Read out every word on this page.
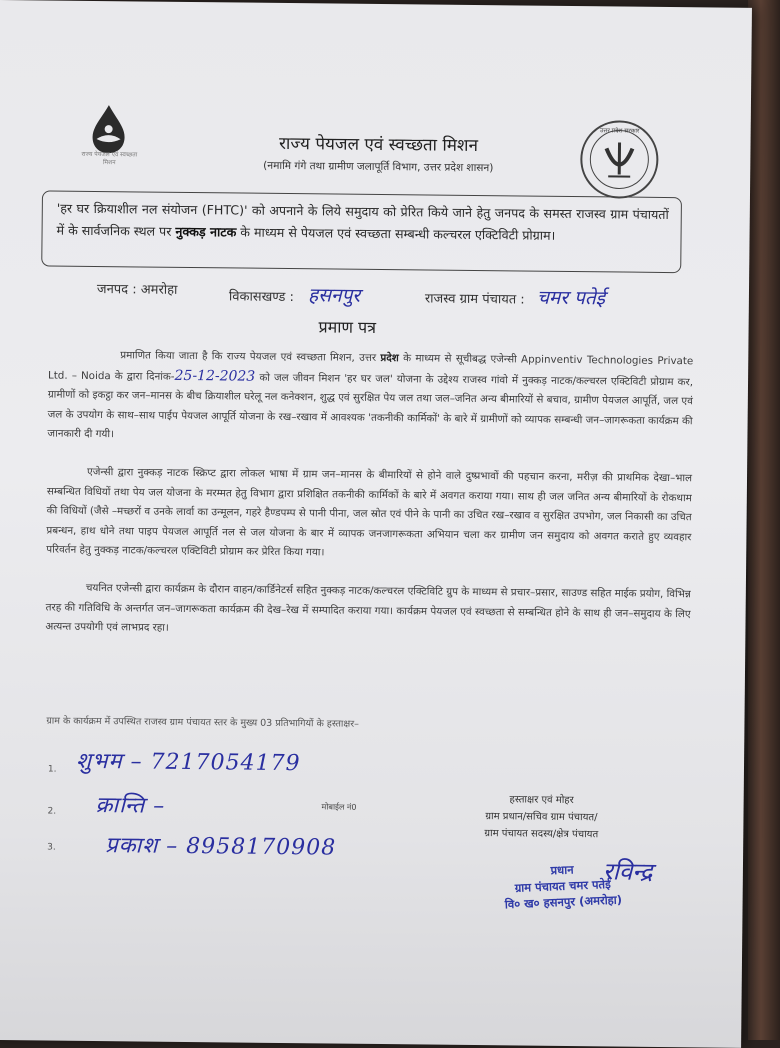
राज्य पेयजल एवं स्वच्छता मिशन
राज्य पेयजल एवं स्वच्छता मिशन
(नमामि गंगे तथा ग्रामीण जलापूर्ति विभाग, उत्तर प्रदेश शासन)
उत्तर प्रदेश सरकार
'हर घर क्रियाशील नल संयोजन (FHTC)' को अपनाने के लिये समुदाय को प्रेरित किये जाने हेतु जनपद के समस्त राजस्व ग्राम पंचायतों में के सार्वजनिक स्थल पर नुक्कड़ नाटक के माध्यम से पेयजल एवं स्वच्छता सम्बन्धी कल्चरल एक्टिविटी प्रोग्राम।
जनपद : अमरोहा	विकासखण्ड : हसनपुर	राजस्व ग्राम पंचायत : चमर पतेई
प्रमाण पत्र
प्रमाणित किया जाता है कि राज्य पेयजल एवं स्वच्छता मिशन, उत्तर प्रदेश के माध्यम से सूचीबद्ध एजेन्सी Appinventiv Technologies Private Ltd. – Noida के द्वारा दिनांक-25-12-2023 को जल जीवन मिशन 'हर घर जल' योजना के उद्देश्य राजस्व गांवो में नुक्कड़ नाटक/कल्चरल एक्टिविटी प्रोग्राम कर, ग्रामीणों को इकट्ठा कर जन–मानस के बीच क्रियाशील घरेलू नल कनेक्शन, शुद्ध एवं सुरक्षित पेय जल तथा जल–जनित अन्य बीमारियों से बचाव, ग्रामीण पेयजल आपूर्ति, जल एवं जल के उपयोग के साथ–साथ पाईप पेयजल आपूर्ति योजना के रख–रखाव में आवश्यक 'तकनीकी कार्मिकों' के बारे में ग्रामीणों को व्यापक सम्बन्धी जन–जागरूकता कार्यक्रम की जानकारी दी गयी।
एजेन्सी द्वारा नुक्कड़ नाटक स्क्रिप्ट द्वारा लोकल भाषा में ग्राम जन–मानस के बीमारियों से होने वाले दुष्प्रभावों की पहचान करना, मरीज़ की प्राथमिक देखा–भाल सम्बन्धित विधियों तथा पेय जल योजना के मरम्मत हेतु विभाग द्वारा प्रशिक्षित तकनीकी कार्मिकों के बारे में अवगत कराया गया। साथ ही जल जनित अन्य बीमारियों के रोकथाम की विधियों (जैसे –मच्छरों व उनके लार्वा का उन्मूलन, गहरे हैण्डपम्प से पानी पीना, जल स्रोत एवं पीने के पानी का उचित रख–रखाव व सुरक्षित उपभोग, जल निकासी का उचित प्रबन्धन, हाथ धोने तथा पाइप पेयजल आपूर्ति नल से जल योजना के बार में व्यापक जनजागरूकता अभियान चला कर ग्रामीण जन समुदाय को अवगत कराते हुए व्यवहार परिवर्तन हेतु नुक्कड़ नाटक/कल्चरल एक्टिविटी प्रोग्राम कर प्रेरित किया गया।
चयनित एजेन्सी द्वारा कार्यक्रम के दौरान वाहन/कार्डिनेटर्स सहित नुक्कड़ नाटक/कल्चरल एक्टिविटि ग्रुप के माध्यम से प्रचार–प्रसार, साउण्ड सहित माईक प्रयोग, विभिन्न तरह की गतिविधि के अन्तर्गत जन–जागरूकता कार्यक्रम की देख–रेख में सम्पादित कराया गया। कार्यक्रम पेयजल एवं स्वच्छता से सम्बन्धित होने के साथ ही जन–समुदाय के लिए अत्यन्त उपयोगी एवं लाभप्रद रहा।
ग्राम के कार्यक्रम में उपस्थित राजस्व ग्राम पंचायत स्तर के मुख्य 03 प्रतिभागियों के हस्ताक्षर–
1. शुभम – 7217054179
2. क्रान्ति –
3. प्रकाश – 8958170908
मोबाईल नं0
हस्ताक्षर एवं मोहर
ग्राम प्रधान/सचिव ग्राम पंचायत/
ग्राम पंचायत सदस्य/क्षेत्र पंचायत
प्रधान
ग्राम पंचायत चमर पतेई
वि० ख० हसनपुर (अमरोहा)
रविन्द्र
